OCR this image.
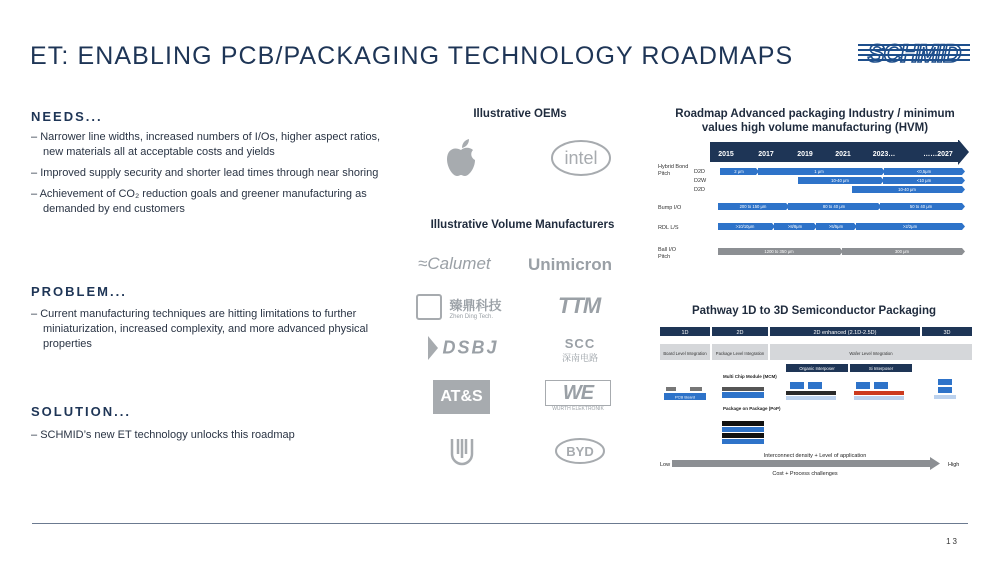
ET: ENABLING PCB/PACKAGING TECHNOLOGY ROADMAPS	SCHMID
NEEDS...
– Narrower line widths, increased numbers of I/Os, higher aspect ratios, new materials all at acceptable costs and yields
– Improved supply security and shorter lead times through near shoring
– Achievement of CO₂ reduction goals and greener manufacturing as demanded by end customers
PROBLEM...
– Current manufacturing techniques are hitting limitations to further miniaturization, increased complexity, and more advanced physical properties
SOLUTION...
– SCHMID’s new ET technology unlocks this roadmap
Illustrative OEMs
intel
Illustrative Volume Manufacturers
≈Calumet Unimicron

臻鼎科技
Zhen Ding Tech.	TTM
DSBJ	SCC
深南电路
AT&S	WE
WÜRTH ELEKTRONIK
BYD
Roadmap Advanced packaging Industry / minimum
values high volume manufacturing (HVM)
2015	2017	2019	2021	2023…	……2027
Hybrid Bond
Pitch	D2D
D2W
D2D
Bump I/O
RDL L/S
Ball I/O
Pitch
2 μm	1 μm	<0,5μm
10-40 μm	<10 μm
10-40 μm
200 to 150 μm	80 to 40 μm	50 to 40 μm
>10/10μm	>8/8μm	>5/5μm	>2/2μm
1200 to 350 μm	300 μm
Pathway 1D to 3D Semiconductor Packaging
1D	2D	2D enhanced (2.1D-2.5D)	3D
Board Level Integration Package Level Integration	Wafer Level Integration
Organic Interposer	Si Interposer
Multi Chip Module (MCM)
Package on Package (PoP)
PCB Board
Interconnect density + Level of application
Low	High
Cost + Process challenges
13
